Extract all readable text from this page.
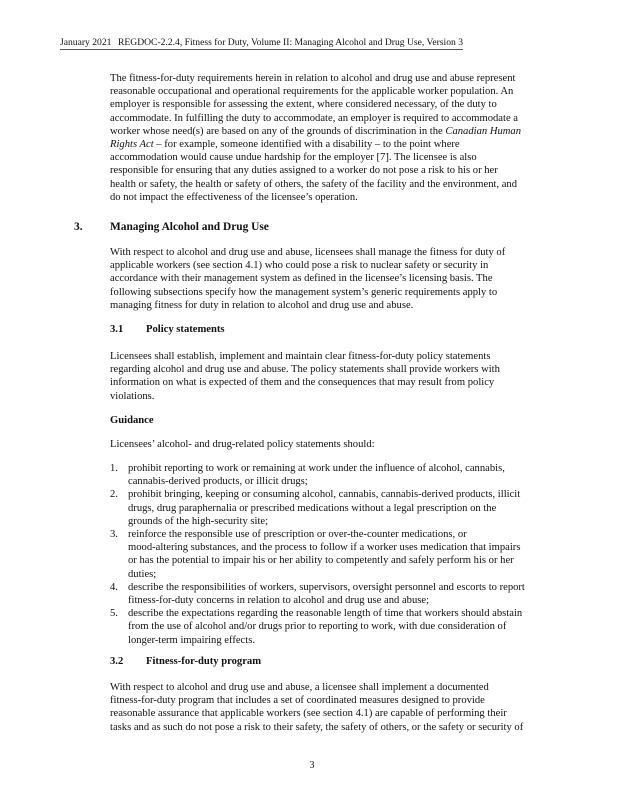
January 2021 REGDOC-2.2.4, Fitness for Duty, Volume II: Managing Alcohol and Drug Use, Version 3
The fitness-for-duty requirements herein in relation to alcohol and drug use and abuse represent
reasonable occupational and operational requirements for the applicable worker population. An
employer is responsible for assessing the extent, where considered necessary, of the duty to
accommodate. In fulfilling the duty to accommodate, an employer is required to accommodate a
worker whose need(s) are based on any of the grounds of discrimination in the Canadian Human
Rights Act – for example, someone identified with a disability – to the point where
accommodation would cause undue hardship for the employer [7]. The licensee is also
responsible for ensuring that any duties assigned to a worker do not pose a risk to his or her
health or safety, the health or safety of others, the safety of the facility and the environment, and
do not impact the effectiveness of the licensee’s operation.
3. Managing Alcohol and Drug Use
With respect to alcohol and drug use and abuse, licensees shall manage the fitness for duty of
applicable workers (see section 4.1) who could pose a risk to nuclear safety or security in
accordance with their management system as defined in the licensee’s licensing basis. The
following subsections specify how the management system’s generic requirements apply to
managing fitness for duty in relation to alcohol and drug use and abuse.
3.1 Policy statements
Licensees shall establish, implement and maintain clear fitness-for-duty policy statements
regarding alcohol and drug use and abuse. The policy statements shall provide workers with
information on what is expected of them and the consequences that may result from policy
violations.
Guidance
Licensees’ alcohol- and drug-related policy statements should:
1. prohibit reporting to work or remaining at work under the influence of alcohol, cannabis,
cannabis-derived products, or illicit drugs;
2. prohibit bringing, keeping or consuming alcohol, cannabis, cannabis-derived products, illicit
drugs, drug paraphernalia or prescribed medications without a legal prescription on the
grounds of the high-security site;
3. reinforce the responsible use of prescription or over-the-counter medications, or
mood-altering substances, and the process to follow if a worker uses medication that impairs
or has the potential to impair his or her ability to competently and safely perform his or her
duties;
4. describe the responsibilities of workers, supervisors, oversight personnel and escorts to report
fitness-for-duty concerns in relation to alcohol and drug use and abuse;
5. describe the expectations regarding the reasonable length of time that workers should abstain
from the use of alcohol and/or drugs prior to reporting to work, with due consideration of
longer-term impairing effects.
3.2 Fitness-for-duty program
With respect to alcohol and drug use and abuse, a licensee shall implement a documented
fitness-for-duty program that includes a set of coordinated measures designed to provide
reasonable assurance that applicable workers (see section 4.1) are capable of performing their
tasks and as such do not pose a risk to their safety, the safety of others, or the safety or security of
3
